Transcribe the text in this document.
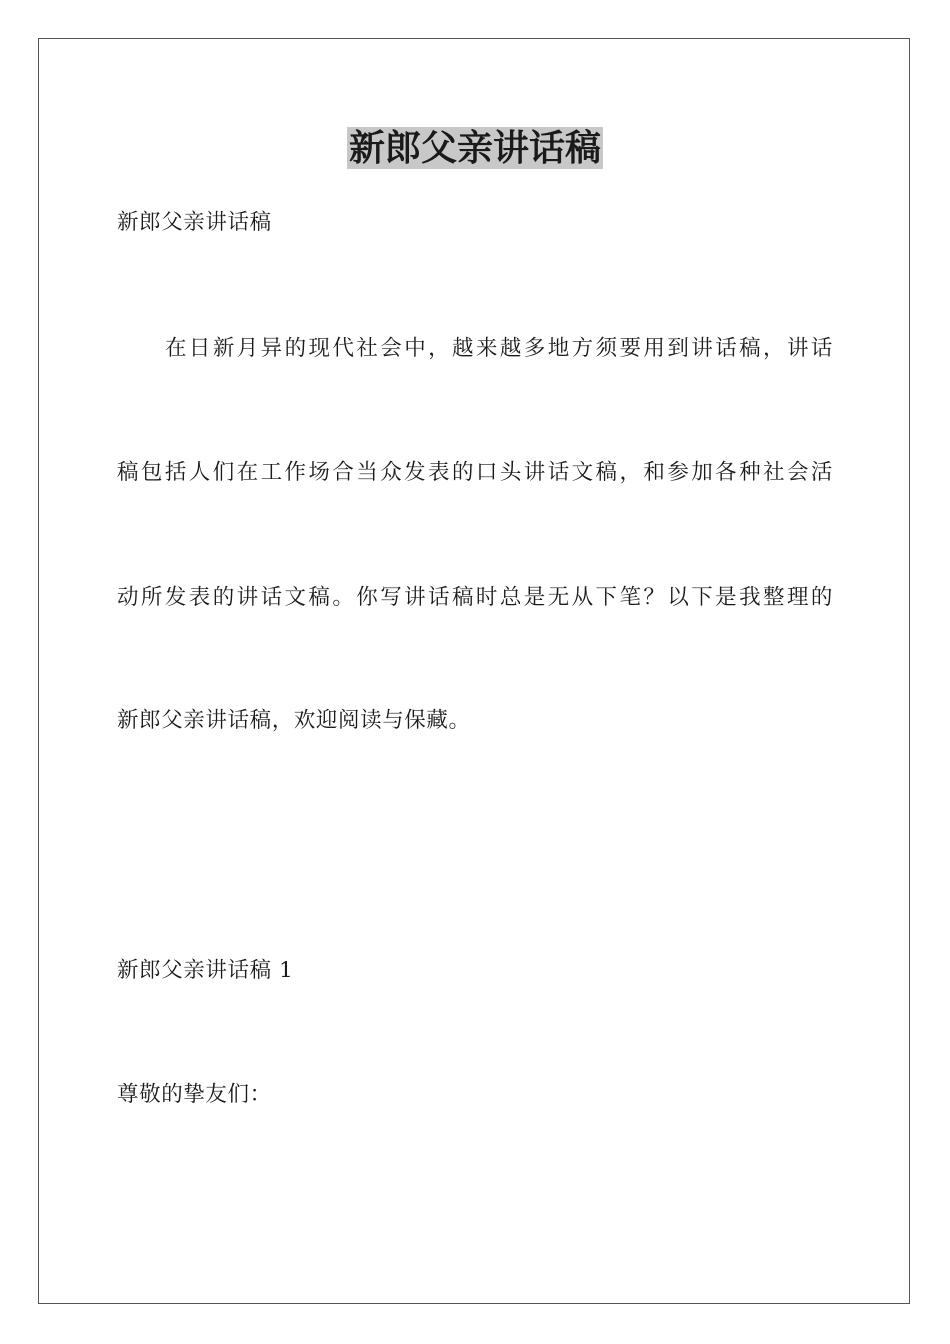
新郎父亲讲话稿

新郎父亲讲话稿

在日新月异的现代社会中，越来越多地方须要用到讲话稿，讲话

稿包括人们在工作场合当众发表的口头讲话文稿，和参加各种社会活

动所发表的讲话文稿。你写讲话稿时总是无从下笔？以下是我整理的

新郎父亲讲话稿，欢迎阅读与保藏。

新郎父亲讲话稿 1

尊敬的挚友们：
